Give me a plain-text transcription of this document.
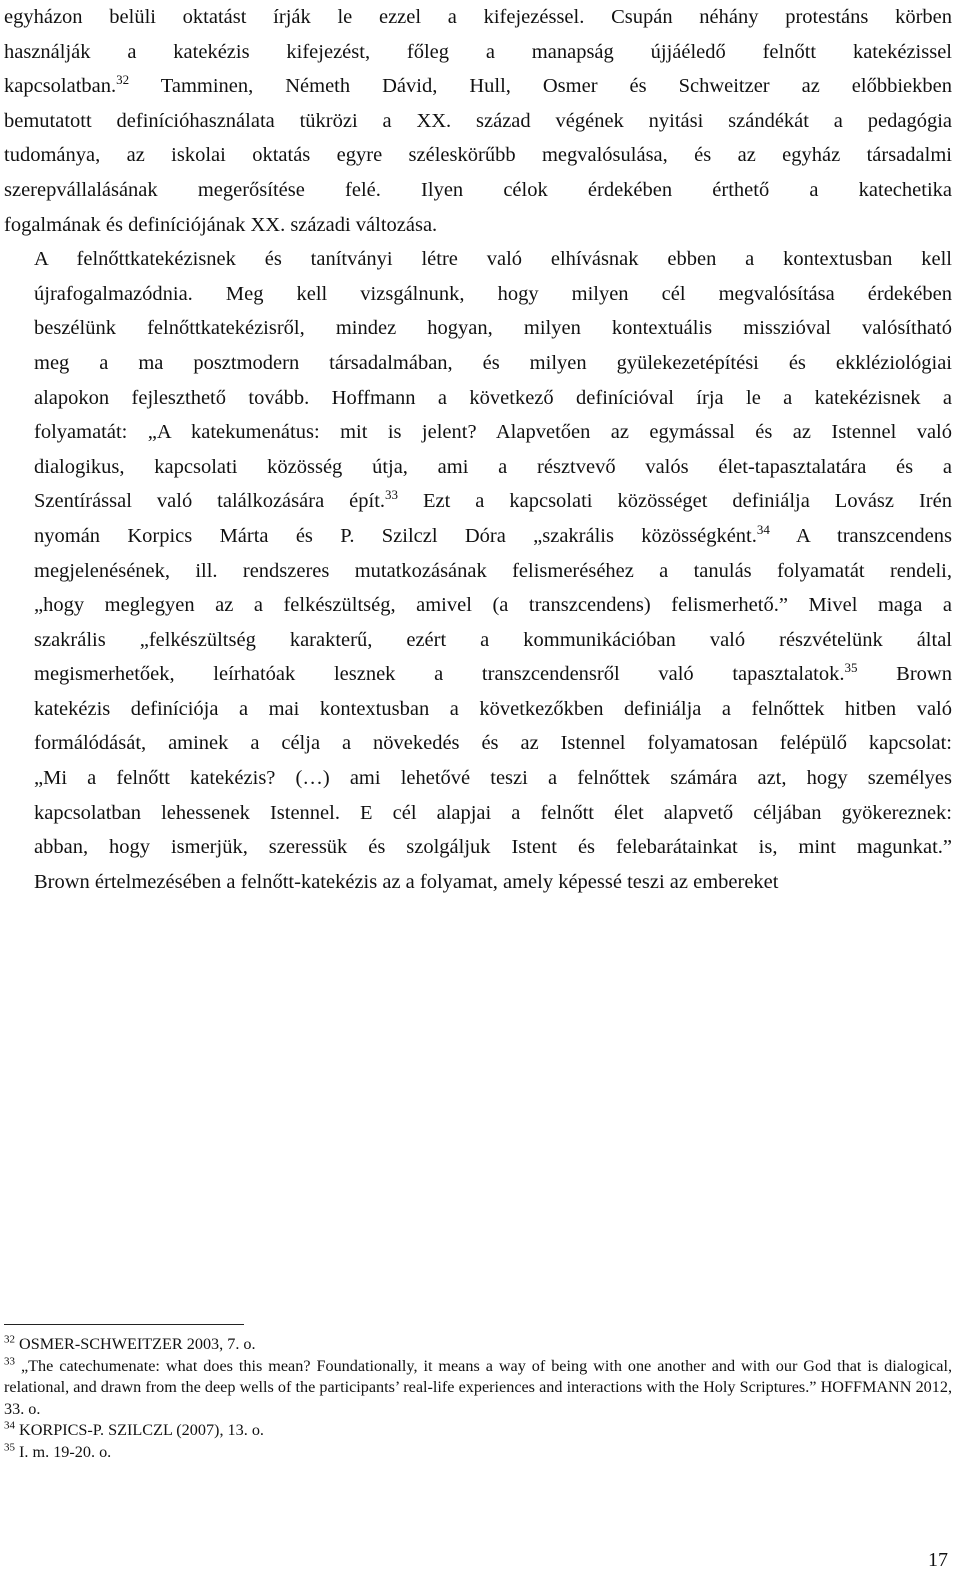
egyházon belüli oktatást írják le ezzel a kifejezéssel. Csupán néhány protestáns körben
használják a katekézis kifejezést, főleg a manapság újjáéledő felnőtt katekézissel
kapcsolatban.$^{32}$ Tamminen, Németh Dávid, Hull, Osmer és Schweitzer az előbbiekben
bemutatott definícióhasználata tükrözi a XX. század végének nyitási szándékát a pedagógia
tudománya, az iskolai oktatás egyre széleskörűbb megvalósulása, és az egyház társadalmi
szerepvállalásának megerősítése felé. Ilyen célok érdekében érthető a katechetika
fogalmának és definíciójának XX. századi változása.

A felnőttkatekézisnek és tanítványi létre való elhívásnak ebben a kontextusban kell
újrafogalmazódnia. Meg kell vizsgálnunk, hogy milyen cél megvalósítása érdekében
beszélünk felnőttkatekézisről, mindez hogyan, milyen kontextuális misszióval valósítható
meg a ma posztmodern társadalmában, és milyen gyülekezetépítési és ekkléziológiai
alapokon fejleszthető tovább. Hoffmann a következő definícióval írja le a katekézisnek a
folyamatát: „A katekumenátus: mit is jelent? Alapvetően az egymással és az Istennel való
dialogikus, kapcsolati közösség útja, ami a résztvevő valós élet-tapasztalatára és a
Szentírással való találkozására épít.$^{33}$ Ezt a kapcsolati közösséget definiálja Lovász Irén
nyomán Korpics Márta és P. Szilczl Dóra „szakrális közösségként.$^{34}$ A transzcendens
megjelenésének, ill. rendszeres mutatkozásának felismeréséhez a tanulás folyamatát rendeli,
„hogy meglegyen az a felkészültség, amivel (a transzcendens) felismerhető.” Mivel maga a
szakrális „felkészültség karakterű, ezért a kommunikációban való részvételünk által
megismerhetőek, leírhatóak lesznek a transzcendensről való tapasztalatok.$^{35}$ Brown
katekézis definíciója a mai kontextusban a következőkben definiálja a felnőttek hitben való
formálódását, aminek a célja a növekedés és az Istennel folyamatosan felépülő kapcsolat:
„Mi a felnőtt katekézis? (…) ami lehetővé teszi a felnőttek számára azt, hogy személyes
kapcsolatban lehessenek Istennel. E cél alapjai a felnőtt élet alapvető céljában gyökereznek:
abban, hogy ismerjük, szeressük és szolgáljuk Istent és felebarátainkat is, mint magunkat.”
Brown értelmezésében a felnőtt-katekézis az a folyamat, amely képessé teszi az embereket

$^{32}$ OSMER-SCHWEITZER 2003, 7. o.

$^{33}$ „The catechumenate: what does this mean? Foundationally, it means a way of being with one another and with our God that is dialogical, relational, and drawn from the deep wells of the participants’ real-life experiences and interactions with the Holy Scriptures.” HOFFMANN 2012, 33. o.

$^{34}$ KORPICS-P. SZILCZL (2007), 13. o.

$^{35}$ I. m. 19-20. o.

17
